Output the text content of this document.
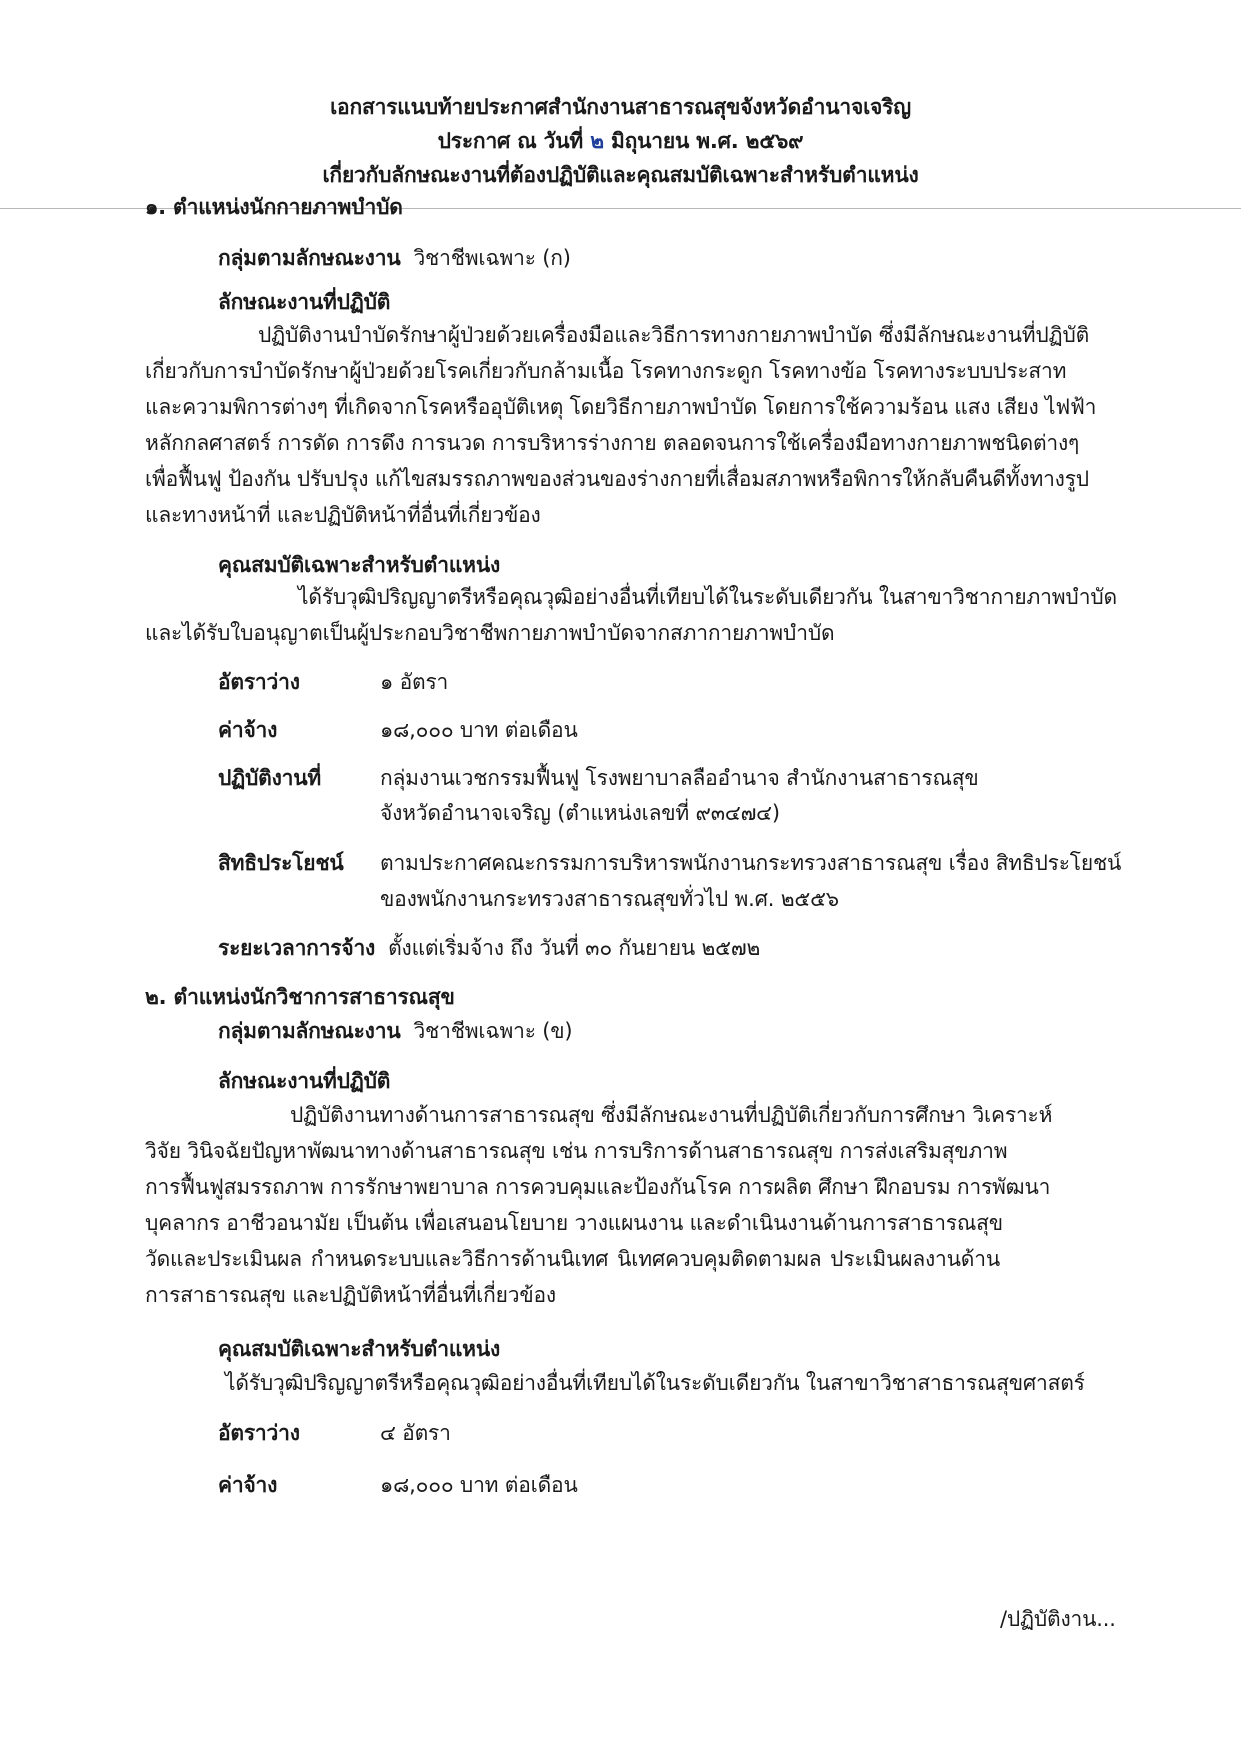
เอกสารแนบท้ายประกาศสำนักงานสาธารณสุขจังหวัดอำนาจเจริญ
ประกาศ ณ วันที่ ๒ มิถุนายน พ.ศ. ๒๕๖๙
เกี่ยวกับลักษณะงานที่ต้องปฏิบัติและคุณสมบัติเฉพาะสำหรับตำแหน่ง
๑. ตำแหน่งนักกายภาพบำบัด
กลุ่มตามลักษณะงาน วิชาชีพเฉพาะ (ก)
ลักษณะงานที่ปฏิบัติ
ปฏิบัติงานบำบัดรักษาผู้ป่วยด้วยเครื่องมือและวิธีการทางกายภาพบำบัด ซึ่งมีลักษณะงานที่ปฏิบัติ
เกี่ยวกับการบำบัดรักษาผู้ป่วยด้วยโรคเกี่ยวกับกล้ามเนื้อ โรคทางกระดูก โรคทางข้อ โรคทางระบบประสาท
และความพิการต่างๆ ที่เกิดจากโรคหรืออุบัติเหตุ โดยวิธีกายภาพบำบัด โดยการใช้ความร้อน แสง เสียง ไฟฟ้า
หลักกลศาสตร์ การดัด การดึง การนวด การบริหารร่างกาย ตลอดจนการใช้เครื่องมือทางกายภาพชนิดต่างๆ
เพื่อฟื้นฟู ป้องกัน ปรับปรุง แก้ไขสมรรถภาพของส่วนของร่างกายที่เสื่อมสภาพหรือพิการให้กลับคืนดีทั้งทางรูป
และทางหน้าที่ และปฏิบัติหน้าที่อื่นที่เกี่ยวข้อง
คุณสมบัติเฉพาะสำหรับตำแหน่ง
ได้รับวุฒิปริญญาตรีหรือคุณวุฒิอย่างอื่นที่เทียบได้ในระดับเดียวกัน ในสาขาวิชากายภาพบำบัด
และได้รับใบอนุญาตเป็นผู้ประกอบวิชาชีพกายภาพบำบัดจากสภากายภาพบำบัด
อัตราว่าง	๑ อัตรา
ค่าจ้าง	๑๘,๐๐๐ บาท ต่อเดือน
ปฏิบัติงานที่	กลุ่มงานเวชกรรมฟื้นฟู โรงพยาบาลลืออำนาจ สำนักงานสาธารณสุข
จังหวัดอำนาจเจริญ (ตำแหน่งเลขที่ ๙๓๔๗๔)
สิทธิประโยชน์ ตามประกาศคณะกรรมการบริหารพนักงานกระทรวงสาธารณสุข เรื่อง สิทธิประโยชน์
ของพนักงานกระทรวงสาธารณสุขทั่วไป พ.ศ. ๒๕๕๖
ระยะเวลาการจ้าง ตั้งแต่เริ่มจ้าง ถึง วันที่ ๓๐ กันยายน ๒๕๗๒
๒. ตำแหน่งนักวิชาการสาธารณสุข
กลุ่มตามลักษณะงาน วิชาชีพเฉพาะ (ข)
ลักษณะงานที่ปฏิบัติ
ปฏิบัติงานทางด้านการสาธารณสุข ซึ่งมีลักษณะงานที่ปฏิบัติเกี่ยวกับการศึกษา วิเคราะห์
วิจัย วินิจฉัยปัญหาพัฒนาทางด้านสาธารณสุข เช่น การบริการด้านสาธารณสุข การส่งเสริมสุขภาพ
การฟื้นฟูสมรรถภาพ การรักษาพยาบาล การควบคุมและป้องกันโรค การผลิต ศึกษา ฝึกอบรม การพัฒนา
บุคลากร อาชีวอนามัย เป็นต้น เพื่อเสนอนโยบาย วางแผนงาน และดำเนินงานด้านการสาธารณสุข
วัดและประเมินผล กำหนดระบบและวิธีการด้านนิเทศ นิเทศควบคุมติดตามผล ประเมินผลงานด้าน
การสาธารณสุข และปฏิบัติหน้าที่อื่นที่เกี่ยวข้อง
คุณสมบัติเฉพาะสำหรับตำแหน่ง
ได้รับวุฒิปริญญาตรีหรือคุณวุฒิอย่างอื่นที่เทียบได้ในระดับเดียวกัน ในสาขาวิชาสาธารณสุขศาสตร์
อัตราว่าง	๔ อัตรา
ค่าจ้าง	๑๘,๐๐๐ บาท ต่อเดือน
/ปฏิบัติงาน...
